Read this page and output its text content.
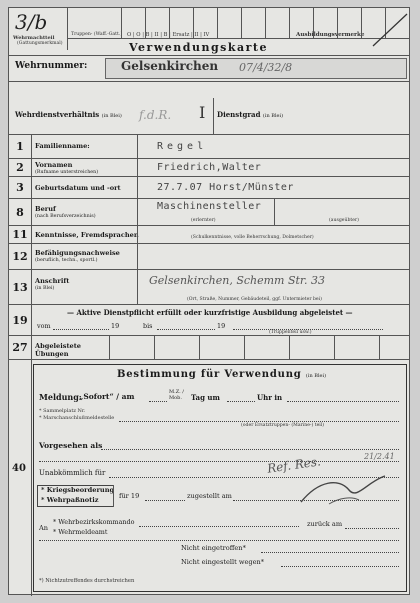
3/b
Wehrmachtteil
(Gattungsmerkmal)
Truppen- (Waff.-Gatt.) O | O | B | II | B | Ersatz | II | IV	Ausbildungsvermerke
Verwendungskarte
Wehrnummer:	Gelsenkirchen 07/4/32/8
Wehrdienstverhältnis (in Blei) f.d.R. I Dienstgrad (in Blei)
1	Familienname:	Regel
2	Vornamen
(Rufname unterstreichen)	Friedrich,Walter
3	Geburtsdatum und -ort	27.7.07 Horst/Münster
8	Beruf
(nach Berufsverzeichnis)
Maschinensteller
(erlernter)	(ausgeübter)
11	Kenntnisse, Fremdsprachen	(Schulkenntnisse, volle Beherrschung, Dolmetscher)
12	Befähigungsnachweise
(beruflich, techn., sportl.)
13	Anschrift
(in Blei)
Gelsenkirchen, Schemm Str. 33
(Ort, Straße, Nummer, Gebäudeteil, ggf. Untermieter bei)
19
— Aktive Dienstpflicht erfüllt oder kurzfristige Ausbildung abgeleistet —
vom	19	bis	19
(Truppenteil usw.)
27	Abgeleistete Übungen
40
Bestimmung für Verwendung (in Blei)
Meldung:
„Sofort“ / am	M.Z. / Mob.	Tag um	Uhr in
* Sammelplatz Nr.
* Marschanschlußmeldestelle
(oder Ersatztruppen- (Marine-) teil)
Vorgesehen als
Unabkömmlich für	Ref. Res.	21/2.41
* Kriegsbeorderung
* Wehrpaßnotiz	für 19	zugestellt am
An
* Wehrbezirkskommando
* Wehrmeldeamt
zurück am
Nicht eingetroffen*
Nicht eingestellt wegen*
*) Nichtzutreffendes durchstreichen
